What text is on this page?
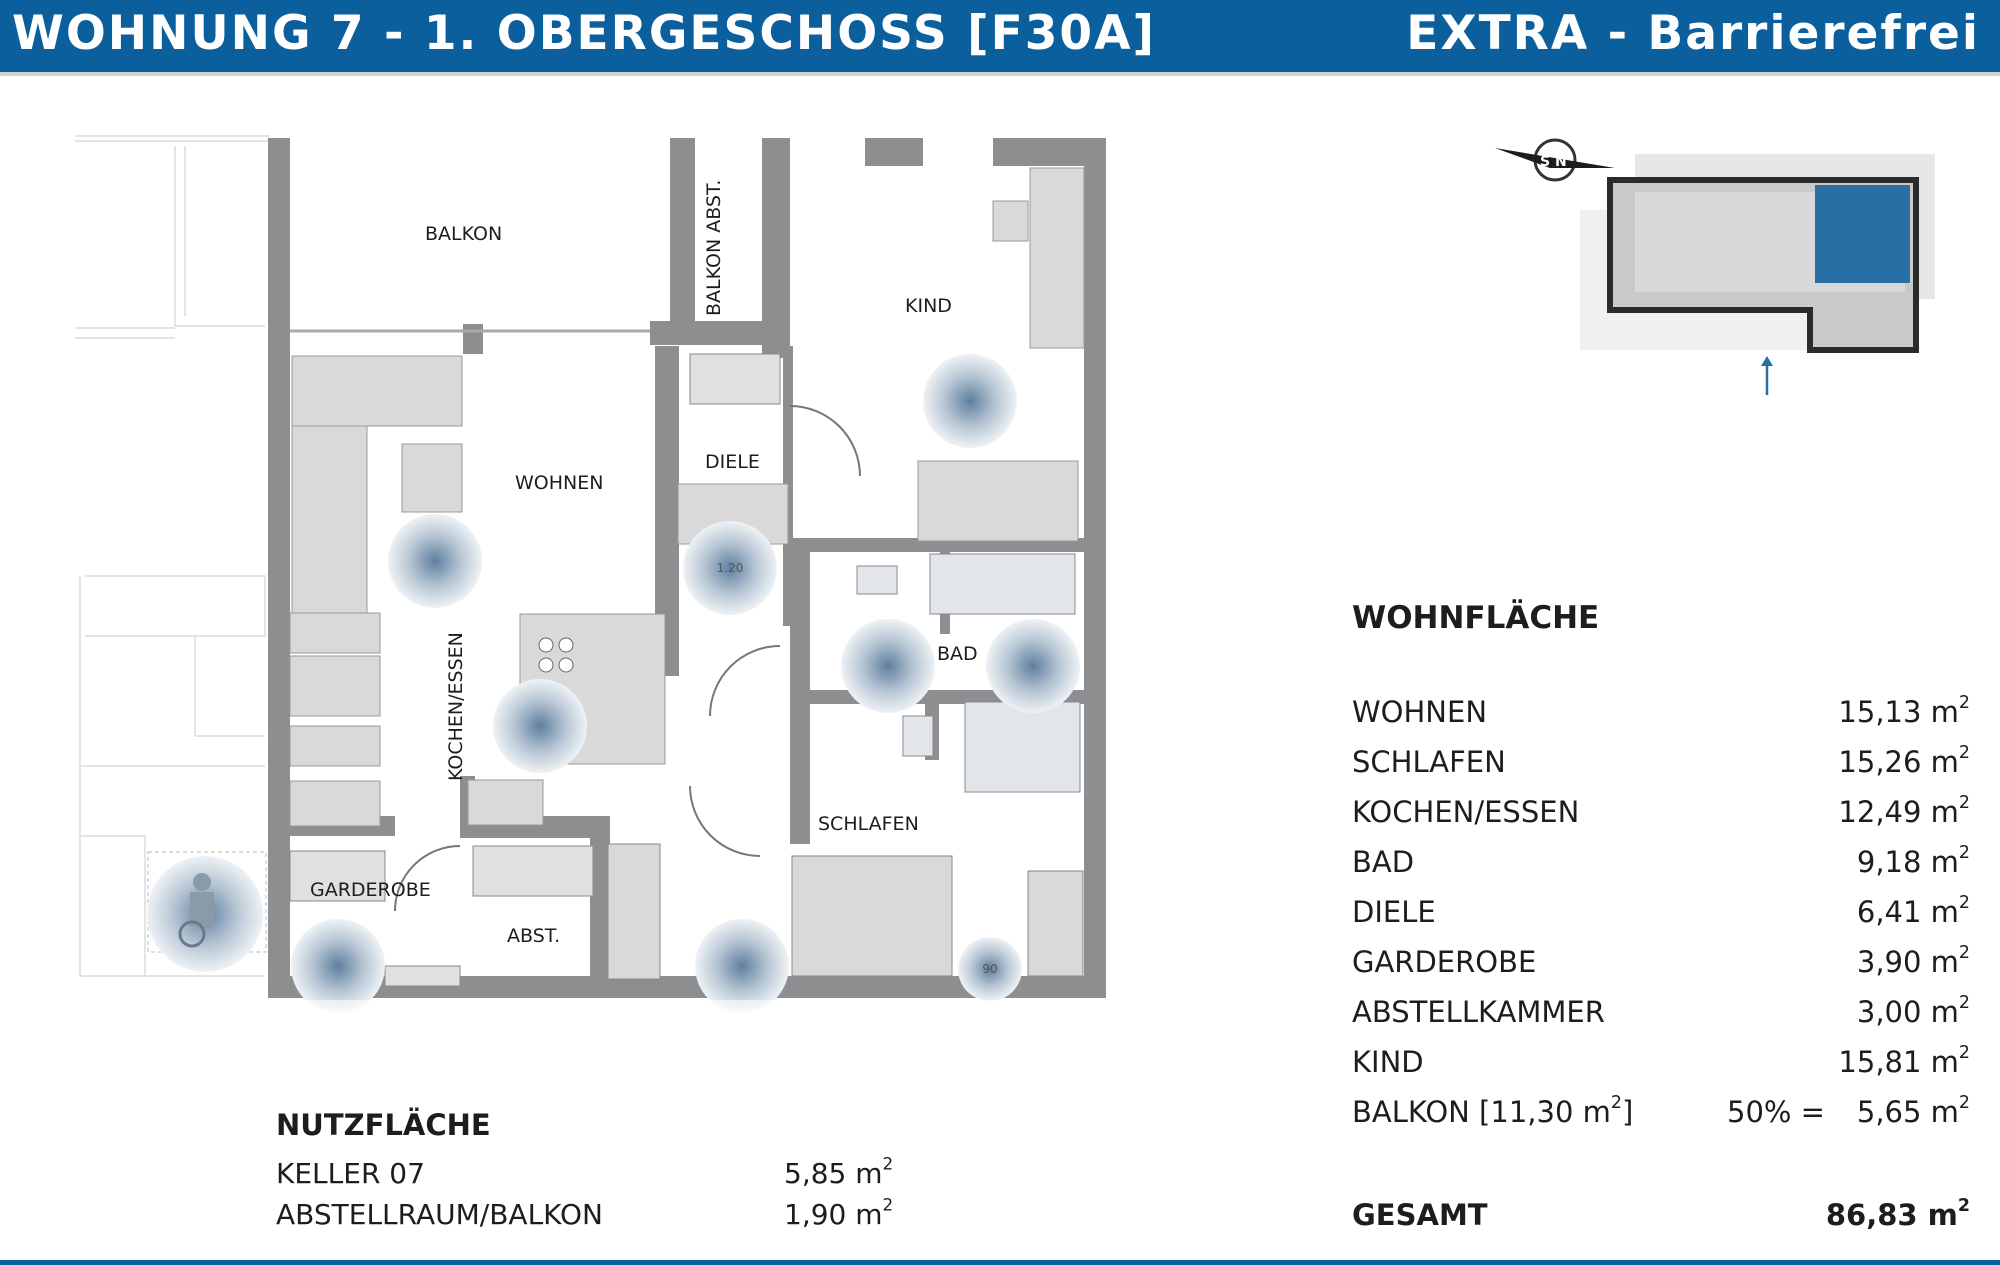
WOHNUNG 7 - 1. OBERGESCHOSS [F30A]	EXTRA - Barrierefrei
BALKON	BALKON ABST.
1.20
90
KIND
WOHNEN
DIELE
KOCHEN/ESSEN	BAD
SCHLAFEN
GARDEROBE
ABST.
S N
WOHNFLÄCHE
WOHNEN	15,13 $m^2$
SCHLAFEN	15,26 $m^2$
KOCHEN/ESSEN	12,49 $m^2$
BAD	9,18 $m^2$
DIELE	6,41 $m^2$
GARDEROBE	3,90 $m^2$
ABSTELLKAMMER	3,00 $m^2$
KIND	15,81 $m^2$
BALKON [11,30 $m^2$]	50% = 5,65 $m^2$
GESAMT	86,83 $m^2$
NUTZFLÄCHE
KELLER 07	5,85 $m^2$
ABSTELLRAUM/BALKON	1,90 $m^2$
